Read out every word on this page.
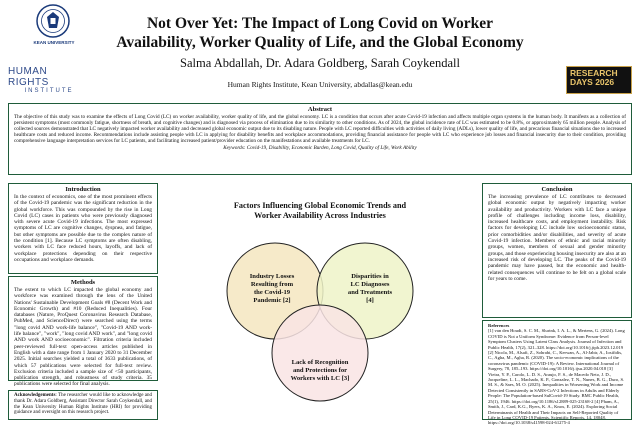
KEAN UNIVERSITY
HUMAN RIGHTS
INSTITUTE
Not Over Yet: The Impact of Long Covid on Worker
Availability, Worker Quality of Life, and the Global Economy
Salma Abdallah, Dr. Adara Goldberg, Sarah Coykendall
Human Rights Institute, Kean University, abdallas@kean.edu
RESEARCH
DAYS 2026
Abstract
The objective of this study was to examine the effects of Long Covid (LC) on worker availability, worker quality of life, and the global economy. LC is a condition that occurs after acute Covid-19 infection and affects multiple organ systems in the human body. It manifests as a collection of persistent symptoms (most commonly fatigue, shortness of breath, and cognitive changes) and is diagnosed via process of elimination due to its similarity to other conditions. As of 2024, the global incidence rate of LC was estimated to be 0.8%, or approximately 65 million people. Analysis of collected sources demonstrated that LC negatively impacted worker availability and decreased global economic output due to its disabling nature. People with LC reported difficulties with activities of daily living (ADLs), lower quality of life, and precarious financial situations due to increased healthcare costs and reduced income. Recommendations include assisting people with LC in applying for disability benefits and workplace accommodations, providing financial assistance for people with LC who experience job losses and financial insecurity due to their condition, providing comprehensive language interpretation services for LC patients, and facilitating increased patient/provider education on the manifestations and available treatments for LC.
Keywords: Covid-19, Disability, Economic Burden, Long Covid, Quality of Life, Work Ability
Introduction
In the context of economics, one of the most prominent effects of the Covid-19 pandemic was the significant reduction in the global workforce. This was compounded by the rise in Long Covid (LC) cases in patients who were previously diagnosed with severe acute Covid-19 infections. The most expressed symptoms of LC are cognitive changes, dyspnea, and fatigue, but other symptoms are possible due to the complex nature of the condition [1]. Because LC symptoms are often disabling, workers with LC face reduced hours, layoffs, and lack of workplace protections depending on their respective occupations and workplace demands.
Methods
The extent to which LC impacted the global economy and workforce was examined through the lens of the United Nations' Sustainable Development Goals #8 (Decent Work and Economic Growth) and #10 (Reduced Inequalities). Four databases (Nature, ProQuest Coronavirus Research Database, PubMed, and ScienceDirect) were searched using the terms "long covid AND work-life balance", "Covid-19 AND work-life balance", "work", "long covid AND work", and "long covid AND work AND socioeconomic". Filtration criteria included peer-reviewed full-text open-access articles published in English with a date range from 1 January 2020 to 31 December 2025. Initial searches yielded a total of 3633 publications, of which 57 publications were selected for full-text review. Exclusion criteria included a sample size of <50 participants, publication strength, and robustness of study criteria. 35 publications were selected for final analysis.
Acknowledgements: The researcher would like to acknowledge and thank Dr. Adara Goldberg, Assistant Director Sarah Coykendall, and the Kean University Human Rights Institute (HRI) for providing guidance and oversight on this research project.
Factors Influencing Global Economic Trends and
Worker Availability Across Industries
Industry Losses
Resulting from
the Covid-19
Pandemic [2]
Disparities in
LC Diagnoses
and Treatments
[4]
Lack of Recognition
and Protections for
Workers with LC [3]
Conclusion
The increasing prevalence of LC contributes to decreased global economic output by negatively impacting worker availability and productivity. Workers with LC face a unique profile of challenges including income loss, disability, increased healthcare costs, and employment instability. Risk factors for developing LC include low socioeconomic status, prior comorbidities and/or disabilities, and severity of acute Covid-19 infection. Members of ethnic and racial minority groups, women, members of sexual and gender minority groups, and those experiencing housing insecurity are also at an increased risk of developing LC. The peaks of the Covid-19 pandemic may have passed, but the economic and health-related consequences will continue to be felt on a global scale for years to come.
References
[1] van den Houdt, S. C. M., Slurink, I. A. L., & Mertens, G. (2024). Long COVID is Not a Uniform Syndrome: Evidence from Person-level Symptom Clusters Using Latent Class Analysis. Journal of Infection and Public Health, 17(2), 321–328. https://doi.org/10.1016/j.jiph.2023.12.019 [2] Nicola, M., Alsafi, Z., Sohrabi, C., Kerwan, A., Al-Jabir, A., Iosifidis, C., Agha, M., Agha, R. (2020). The socio-economic implications of the coronavirus pandemic (COVID-19): A Review. International Journal of Surgery, 78, 185–193. https://doi.org/10.1016/j.ijsu.2020.04.018 [3] Vieira, Y. P., Carolo, L. D. S., Araujo, F. S., de Macedo Neto, J. D., Jacqueline, L. L., Machado, K. P., Gonzalez, T. N., Nunes, B. G., Duro, S. M. S., & Saes, M. O. (2025). Inequalities in Worsening Work and Income Detected Consistently in SARS-CoV-2 Infections in Adults and Elderly People: The Population-based SulCovid-19 Study. BMC Public Health, 25(1), 1946. https://doi.org/10.1186/s12889-025-23168-2 [4] Pham, A., Smith, J., Card, K.G., Byers, K. A., Knox, E. (2024). Exploring Social Determinants of Health and Their Impacts on Self-Reported Quality of Life in Long COVID-19 Patients. Scientific Reports, 14, 18048. https://doi.org/10.1038/s41598-024-61275-4
